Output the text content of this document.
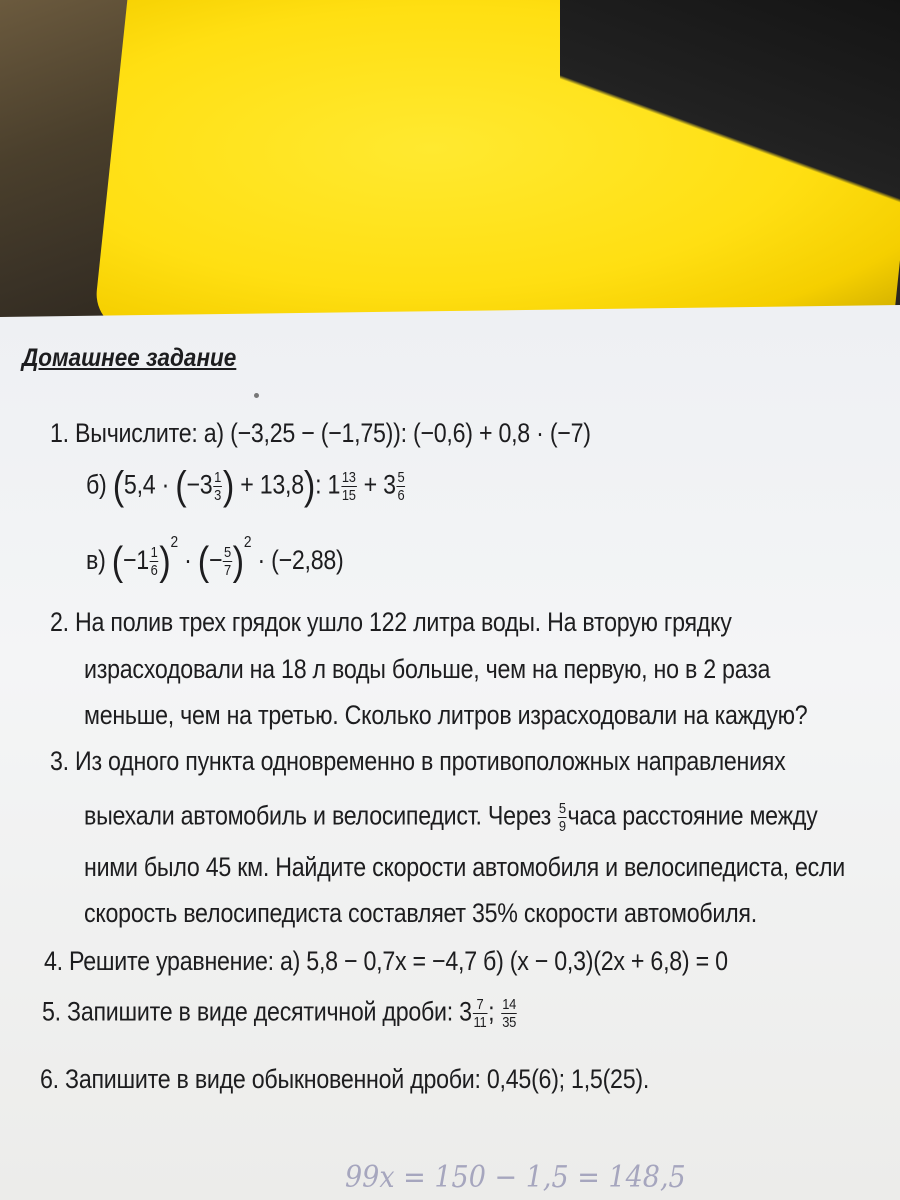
Домашнее задание
1. Вычислите: а) (−3,25 − (−1,75)): (−0,6) + 0,8 · (−7)
б) ($5,4 \cdot (-3 \frac{1}{3}$ ) + 13,8): $1 \frac{13}{15} + 3 \frac{5}{6}$
в) $(-1 \frac{1}{6} )^2$ · (− $\frac{5}{7} )^2 \cdot (-2,88)$
2. На полив трех грядок ушло 122 литра воды. На вторую грядку
израсходовали на 18 л воды больше, чем на первую, но в 2 раза
меньше, чем на третью. Сколько литров израсходовали на каждую?
3. Из одного пункта одновременно в противоположных направлениях
выехали автомобиль и велосипедист. Через $\frac{5}{9}$ часа расстояние между
ними было 45 км. Найдите скорости автомобиля и велосипедиста, если
скорость велосипедиста составляет 35% скорости автомобиля.
4. Решите уравнение: а) 5,8 − 0,7х = −4,7 б) (х − 0,3)(2х + 6,8) = 0
5. Запишите в виде десятичной дроби: $3 \frac{7}{11}$ ; $\frac{14}{35}$
6. Запишите в виде обыкновенной дроби: 0,45(6); 1,5(25).
99х = 150 − 1,5 = 148,5
